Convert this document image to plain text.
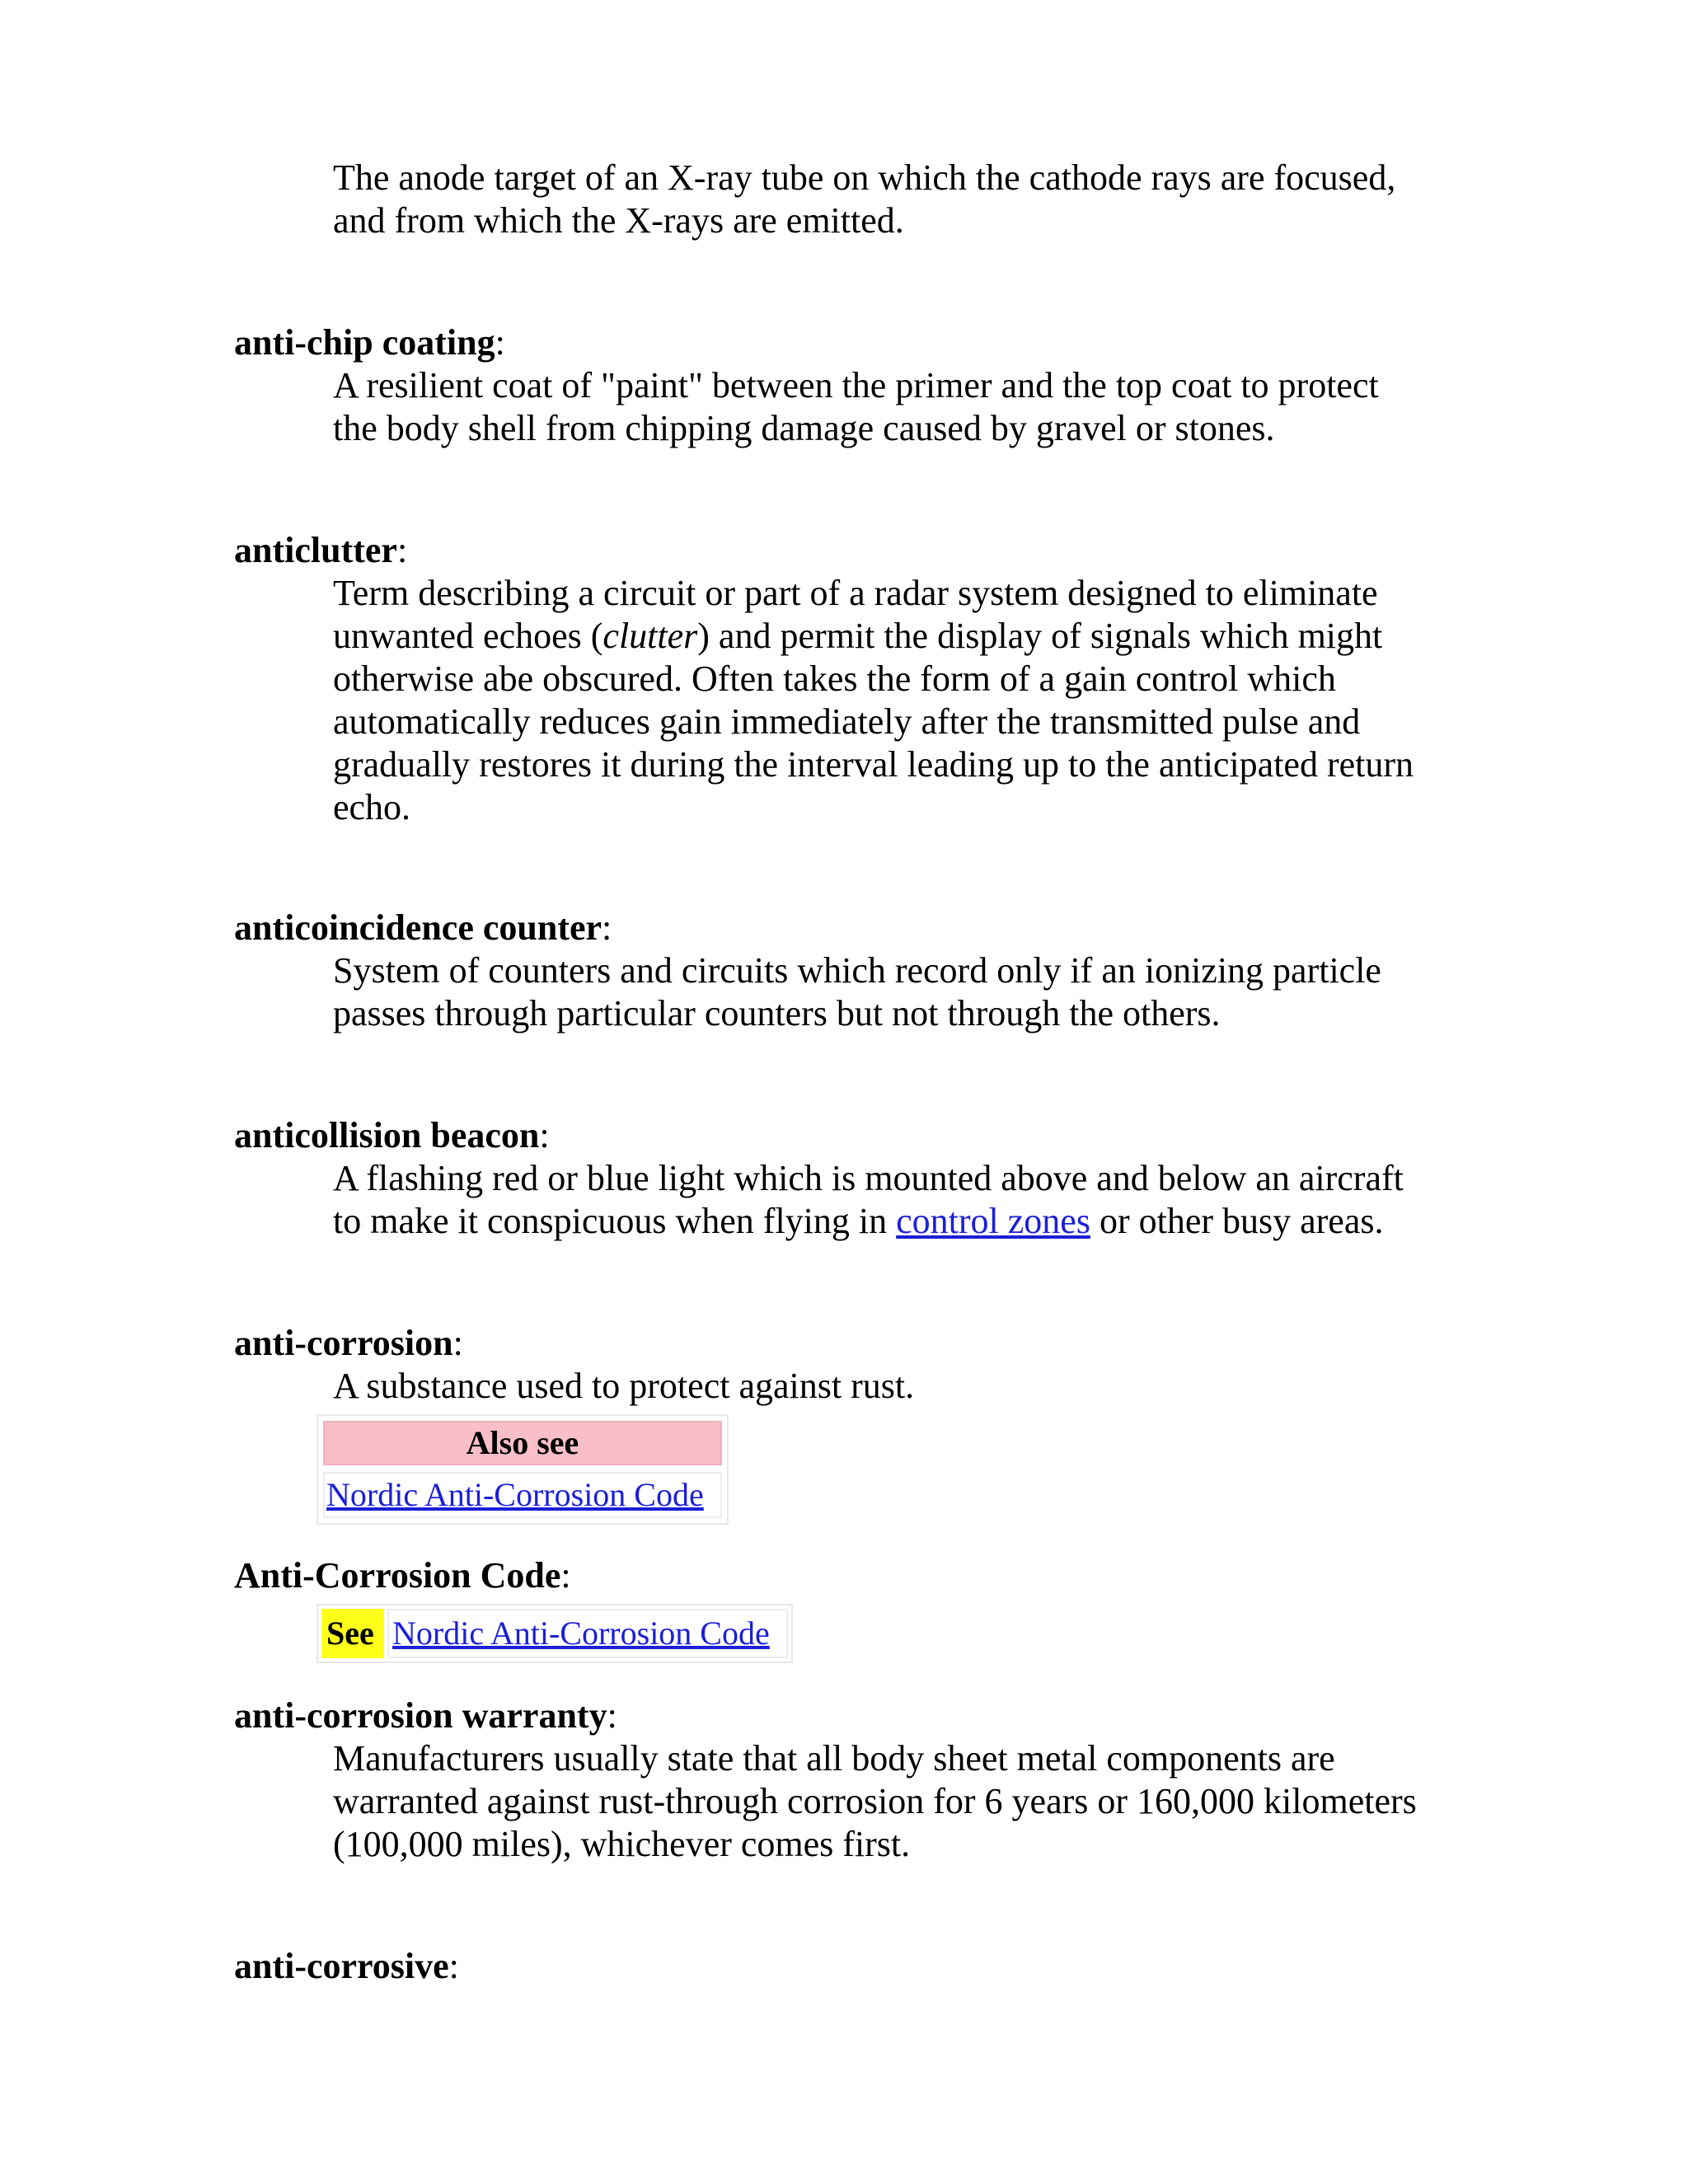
The anode target of an X-ray tube on which the cathode rays are focused,
and from which the X-rays are emitted.

anti-chip coating:

A resilient coat of "paint" between the primer and the top coat to protect
the body shell from chipping damage caused by gravel or stones.

anticlutter:

Term describing a circuit or part of a radar system designed to eliminate
unwanted echoes (clutter) and permit the display of signals which might
otherwise abe obscured. Often takes the form of a gain control which
automatically reduces gain immediately after the transmitted pulse and
gradually restores it during the interval leading up to the anticipated return
echo.

anticoincidence counter:

System of counters and circuits which record only if an ionizing particle
passes through particular counters but not through the others.

anticollision beacon:

A flashing red or blue light which is mounted above and below an aircraft
to make it conspicuous when flying in control zones or other busy areas.

anti-corrosion:

A substance used to protect against rust.

Also see
Nordic Anti-Corrosion Code

Anti-Corrosion Code:

See Nordic Anti-Corrosion Code

anti-corrosion warranty:

Manufacturers usually state that all body sheet metal components are
warranted against rust-through corrosion for 6 years or 160,000 kilometers
(100,000 miles), whichever comes first.

anti-corrosive:
